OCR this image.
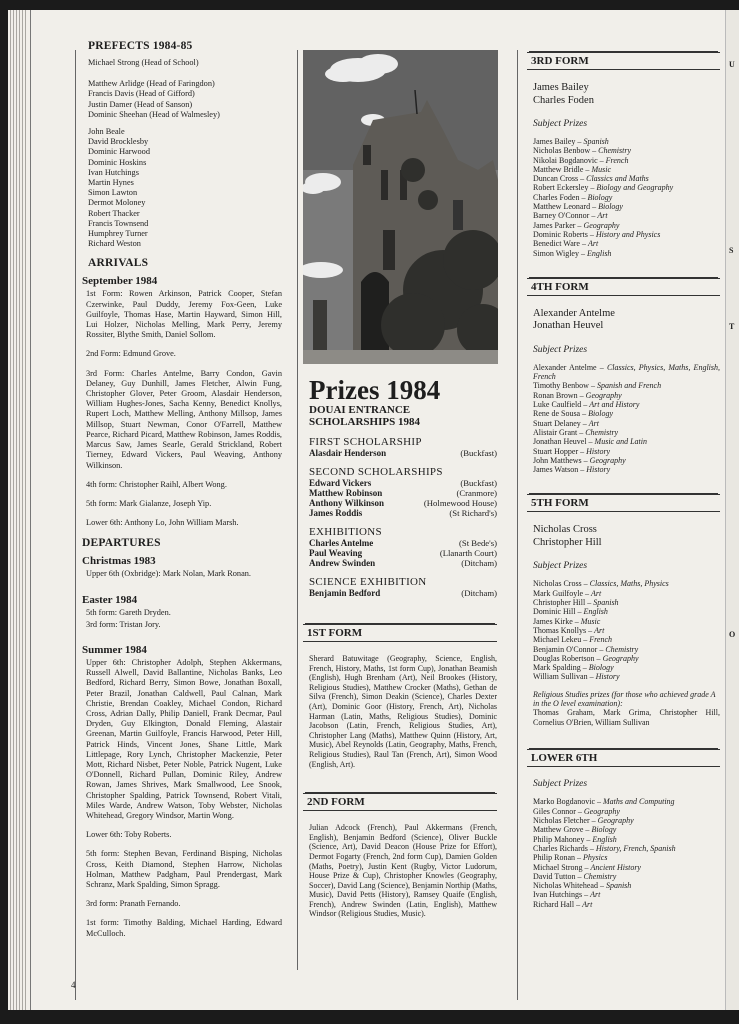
PREFECTS 1984-85
Michael Strong (Head of School)
Matthew Arlidge (Head of Faringdon)
Francis Davis (Head of Gifford)
Justin Damer (Head of Sanson)
Dominic Sheehan (Head of Walmesley)
John Beale
David Brocklesby
Dominic Harwood
Dominic Hoskins
Ivan Hutchings
Martin Hynes
Simon Lawton
Dermot Moloney
Robert Thacker
Francis Townsend
Humphrey Turner
Richard Weston
ARRIVALS
September 1984
1st Form: Rowen Arkinson, Patrick Cooper, Stefan Czerwinke, Paul Duddy, Jeremy Fox-Geen, Luke Guilfoyle, Thomas Hase, Martin Hayward, Simon Hill, Lui Holzer, Nicholas Melling, Mark Perry, Jeremy Rossiter, Blythe Smith, Daniel Sollom.
2nd Form: Edmund Grove.
3rd Form: Charles Antelme, Barry Condon, Gavin Delaney, Guy Dunhill, James Fletcher, Alwin Fung, Christopher Glover, Peter Groom, Alasdair Henderson, William Hughes-Jones, Sacha Kenny, Benedict Knollys, Rupert Loch, Matthew Melling, Anthony Millsop, James Millsop, Stuart Newman, Conor O'Farrell, Matthew Pearce, Richard Picard, Matthew Robinson, James Roddis, Marcus Saw, James Searle, Gerald Strickland, Robert Tierney, Edward Vickers, Paul Weaving, Anthony Wilkinson.
4th form: Christopher Raihl, Albert Wong.
5th form: Mark Gialanze, Joseph Yip.
Lower 6th: Anthony Lo, John William Marsh.
DEPARTURES
Christmas 1983
Upper 6th (Oxbridge): Mark Nolan, Mark Ronan.
Easter 1984
5th form: Gareth Dryden.
3rd form: Tristan Jory.
Summer 1984
Upper 6th: Christopher Adolph, Stephen Akkermans, Russell Alwell, David Ballantine, Nicholas Banks, Leo Bedford, Richard Berry, Simon Bowe, Jonathan Boxall, Peter Brazil, Jonathan Caldwell, Paul Calnan, Mark Christie, Brendan Coakley, Michael Condon, Richard Cross, Adrian Dally, Philip Daniell, Frank Decmar, Paul Dryden, Guy Elkington, Donald Fleming, Alastair Greenan, Martin Guilfoyle, Francis Harwood, Peter Hill, Patrick Hinds, Vincent Jones, Shane Little, Mark Littlepage, Rory Lynch, Christopher Mackenzie, Peter Mott, Richard Nisbet, Peter Noble, Patrick Nugent, Luke O'Donnell, Richard Pullan, Dominic Riley, Andrew Rowan, James Shrives, Mark Smallwood, Lee Snook, Christopher Spalding, Patrick Townsend, Robert Vitali, Miles Warde, Andrew Watson, Toby Webster, Nicholas Whitehead, Gregory Windsor, Martin Wong.
Lower 6th: Toby Roberts.
5th form: Stephen Bevan, Ferdinand Bisping, Nicholas Cross, Keith Diamond, Stephen Harrow, Nicholas Holman, Matthew Padgham, Paul Prendergast, Mark Schranz, Mark Spalding, Simon Spragg.
3rd form: Pranath Fernando.
1st form: Timothy Balding, Michael Harding, Edward McCulloch.
Prizes 1984
DOUAI ENTRANCE SCHOLARSHIPS 1984
FIRST SCHOLARSHIP
Alasdair Henderson	(Buckfast)
SECOND SCHOLARSHIPS
Edward Vickers	(Buckfast)
Matthew Robinson	(Cranmore)
Anthony Wilkinson	(Holmewood House)
James Roddis	(St Richard's)
EXHIBITIONS
Charles Antelme	(St Bede's)
Paul Weaving	(Llanarth Court)
Andrew Swinden	(Ditcham)
SCIENCE EXHIBITION
Benjamin Bedford	(Ditcham)
1ST FORM
Sherard Batuwitage (Geography, Science, English, French, History, Maths, 1st form Cup), Jonathan Beamish (English), Hugh Brenham (Art), Neil Brookes (History, Religious Studies), Matthew Crocker (Maths), Gethan de Silva (French), Simon Deakin (Science), Charles Dexter (Art), Dominic Goor (History, French, Art), Nicholas Harman (Latin, Maths, Religious Studies), Dominic Jacobson (Latin, French, Religious Studies, Art), Christopher Lang (Maths), Matthew Quinn (History, Art, Music), Abel Reynolds (Latin, Geography, Maths, French, Religious Studies), Raul Tan (French, Art), Simon Wood (English, Art).
2ND FORM
Julian Adcock (French), Paul Akkermans (French, English), Benjamin Bedford (Science), Oliver Buckle (Science, Art), David Deacon (House Prize for Effort), Dermot Fogarty (French, 2nd form Cup), Damien Golden (Maths, Poetry), Justin Kent (Rugby, Victor Ludorum, House Prize & Cup), Christopher Knowles (Geography, Soccer), David Lang (Science), Benjamin Northip (Maths, Music), David Petts (History), Ramsey Quaife (English, French), Andrew Swinden (Latin, English), Matthew Windsor (Religious Studies, Music).
3RD FORM
James Bailey
Charles Foden
Subject Prizes
James Bailey – Spanish
Nicholas Benbow – Chemistry
Nikolai Bogdanovic – French
Matthew Bridle – Music
Duncan Cross – Classics and Maths
Robert Eckersley – Biology and Geography
Charles Foden – Biology
Matthew Leonard – Biology
Barney O'Connor – Art
James Parker – Geography
Dominic Roberts – History and Physics
Benedict Ware – Art
Simon Wigley – English
4TH FORM
Alexander Antelme
Jonathan Heuvel
Subject Prizes
Alexander Antelme – Classics, Physics, Maths, English, French
Timothy Benbow – Spanish and French
Ronan Brown – Geography
Luke Caulfield – Art and History
Rene de Sousa – Biology
Stuart Delaney – Art
Alistair Grant – Chemistry
Jonathan Heuvel – Music and Latin
Stuart Hopper – History
John Matthews – Geography
James Watson – History
5TH FORM
Nicholas Cross
Christopher Hill
Subject Prizes
Nicholas Cross – Classics, Maths, Physics
Mark Guilfoyle – Art
Christopher Hill – Spanish
Dominic Hill – English
James Kirke – Music
Thomas Knollys – Art
Michael Lekeu – French
Benjamin O'Connor – Chemistry
Douglas Robertson – Geography
Mark Spalding – Biology
William Sullivan – History
Religious Studies prizes (for those who achieved grade A in the O level examination):
Thomas Graham, Mark Grima, Christopher Hill, Cornelius O'Brien, William Sullivan
LOWER 6TH
Subject Prizes
Marko Bogdanovic – Maths and Computing
Giles Connor – Geography
Nicholas Fletcher – Geography
Matthew Grove – Biology
Philip Mahoney – English
Charles Richards – History, French, Spanish
Philip Ronan – Physics
Michael Strong – Ancient History
David Tutton – Chemistry
Nicholas Whitehead – Spanish
Ivan Hutchings – Art
Richard Hall – Art
U
S
T
O
4
